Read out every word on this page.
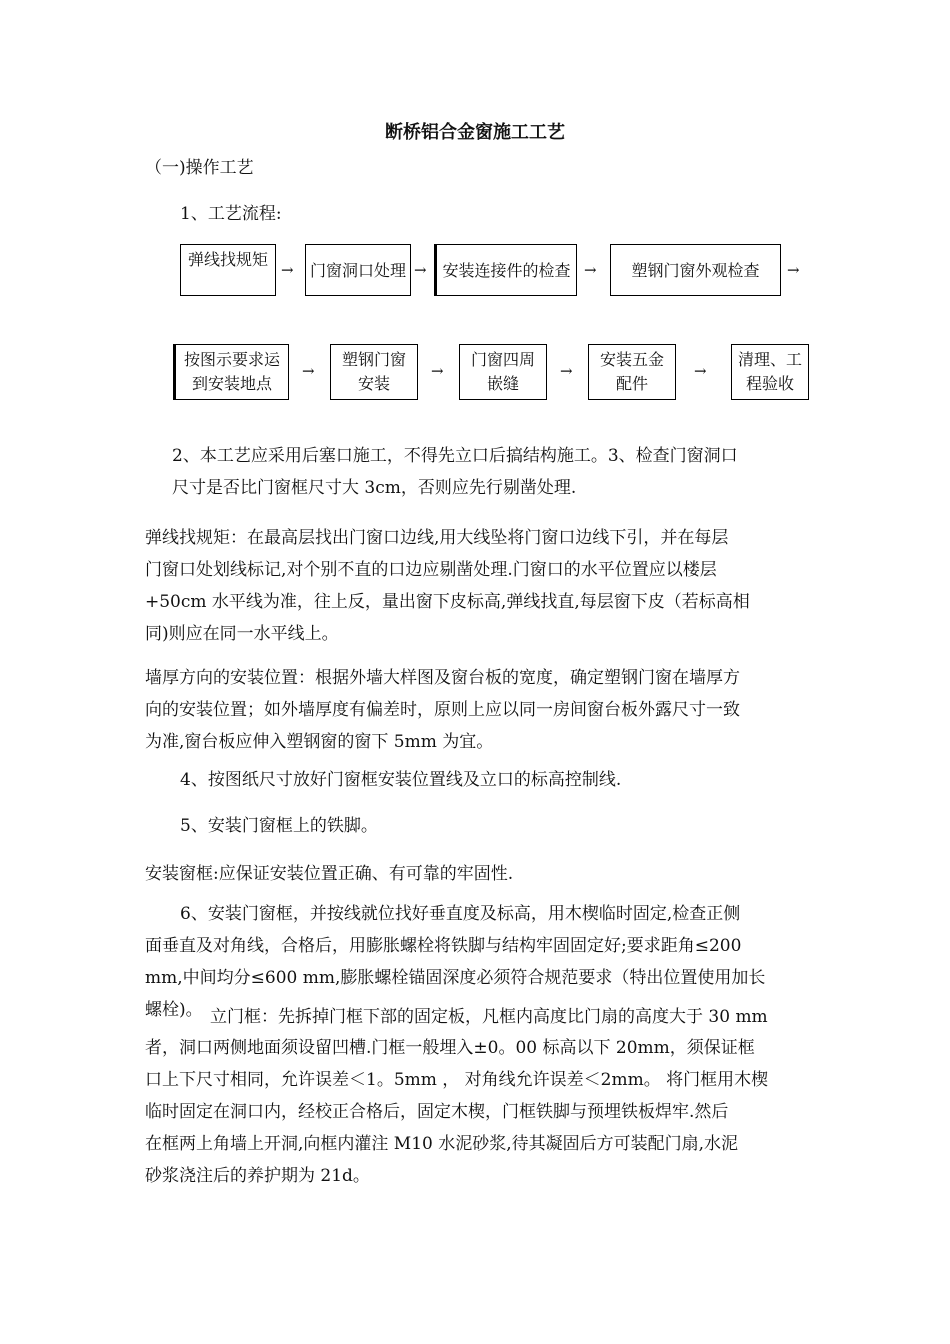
断桥铝合金窗施工工艺
（一)操作工艺
1、工艺流程:
弹线找规矩
→	门窗洞口处理 → 安装连接件的检查 →	塑钢门窗外观检查	→
按图示要求运
到安装地点
→
塑钢门窗
安装
→
门窗四周
嵌缝
→
安装五金
配件
→
清理、工
程验收
2、本工艺应采用后塞口施工，不得先立口后搞结构施工。3、检查门窗洞口
尺寸是否比门窗框尺寸大 3cm，否则应先行剔凿处理.
弹线找规矩：在最高层找出门窗口边线,用大线坠将门窗口边线下引，并在每层
门窗口处划线标记,对个别不直的口边应剔凿处理.门窗口的水平位置应以楼层
+50cm 水平线为准，往上反，量出窗下皮标高,弹线找直,每层窗下皮（若标高相
同)则应在同一水平线上。
墙厚方向的安装位置：根据外墙大样图及窗台板的宽度，确定塑钢门窗在墙厚方
向的安装位置；如外墙厚度有偏差时，原则上应以同一房间窗台板外露尺寸一致
为准,窗台板应伸入塑钢窗的窗下 5mm 为宜。
4、按图纸尺寸放好门窗框安装位置线及立口的标高控制线.
5、安装门窗框上的铁脚。
安装窗框:应保证安装位置正确、有可靠的牢固性.
6、安装门窗框，并按线就位找好垂直度及标高，用木楔临时固定,检查正侧
面垂直及对角线，合格后，用膨胀螺栓将铁脚与结构牢固固定好;要求距角≤200
mm,中间均分≤600 mm,膨胀螺栓锚固深度必须符合规范要求（特出位置使用加长
螺栓)。 立门框：先拆掉门框下部的固定板，凡框内高度比门扇的高度大于 30 mm
者，洞口两侧地面须设留凹槽.门框一般埋入±0。00 标高以下 20mm，须保证框
口上下尺寸相同，允许误差＜1。5mm ， 对角线允许误差＜2mm。 将门框用木楔
临时固定在洞口内，经校正合格后，固定木楔，门框铁脚与预埋铁板焊牢.然后
在框两上角墙上开洞,向框内灌注 M10 水泥砂浆,待其凝固后方可装配门扇,水泥
砂浆浇注后的养护期为 21d。
